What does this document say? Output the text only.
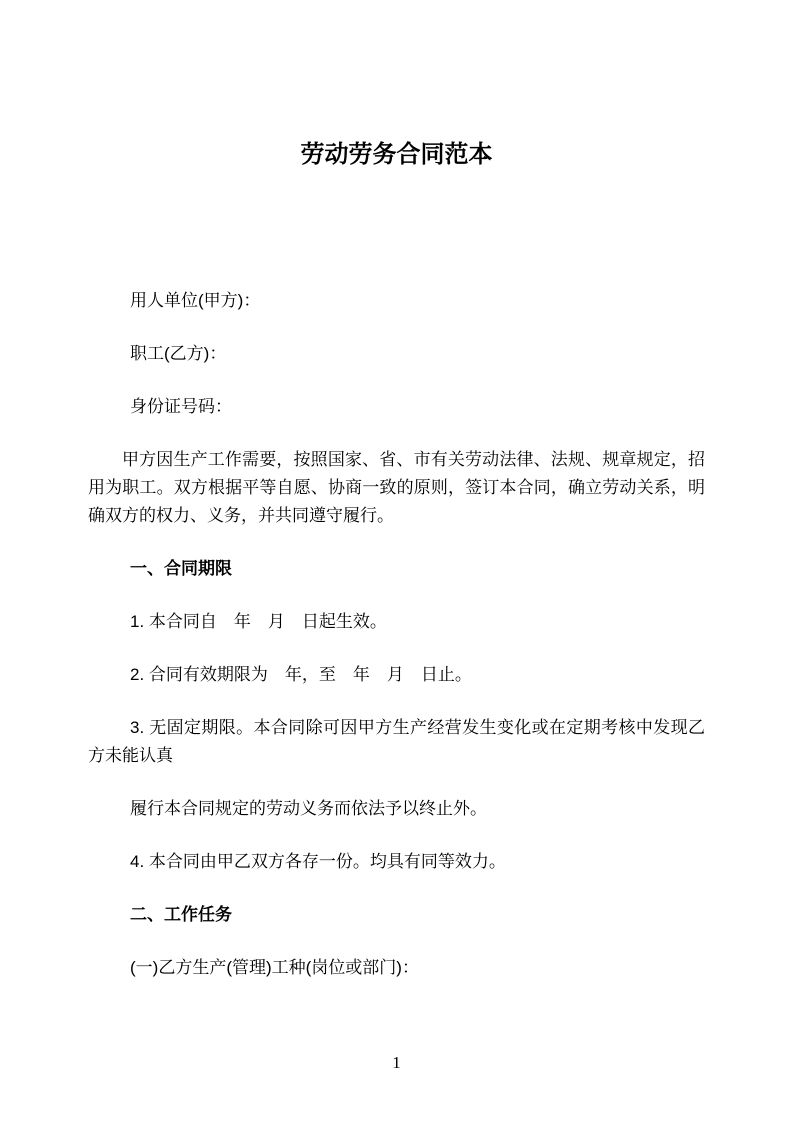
劳动劳务合同范本

用人单位(甲方)：

职工(乙方)：

身份证号码：

甲方因生产工作需要，按照国家、省、市有关劳动法律、法规、规章规定，招用为职工。双方根据平等自愿、协商一致的原则，签订本合同，确立劳动关系，明确双方的权力、义务，并共同遵守履行。

一、合同期限

1. 本合同自　年　月　日起生效。

2. 合同有效期限为　年，至　年　月　日止。

3. 无固定期限。本合同除可因甲方生产经营发生变化或在定期考核中发现乙方未能认真

履行本合同规定的劳动义务而依法予以终止外。

4. 本合同由甲乙双方各存一份。均具有同等效力。

二、工作任务

(一)乙方生产(管理)工种(岗位或部门)：

1
